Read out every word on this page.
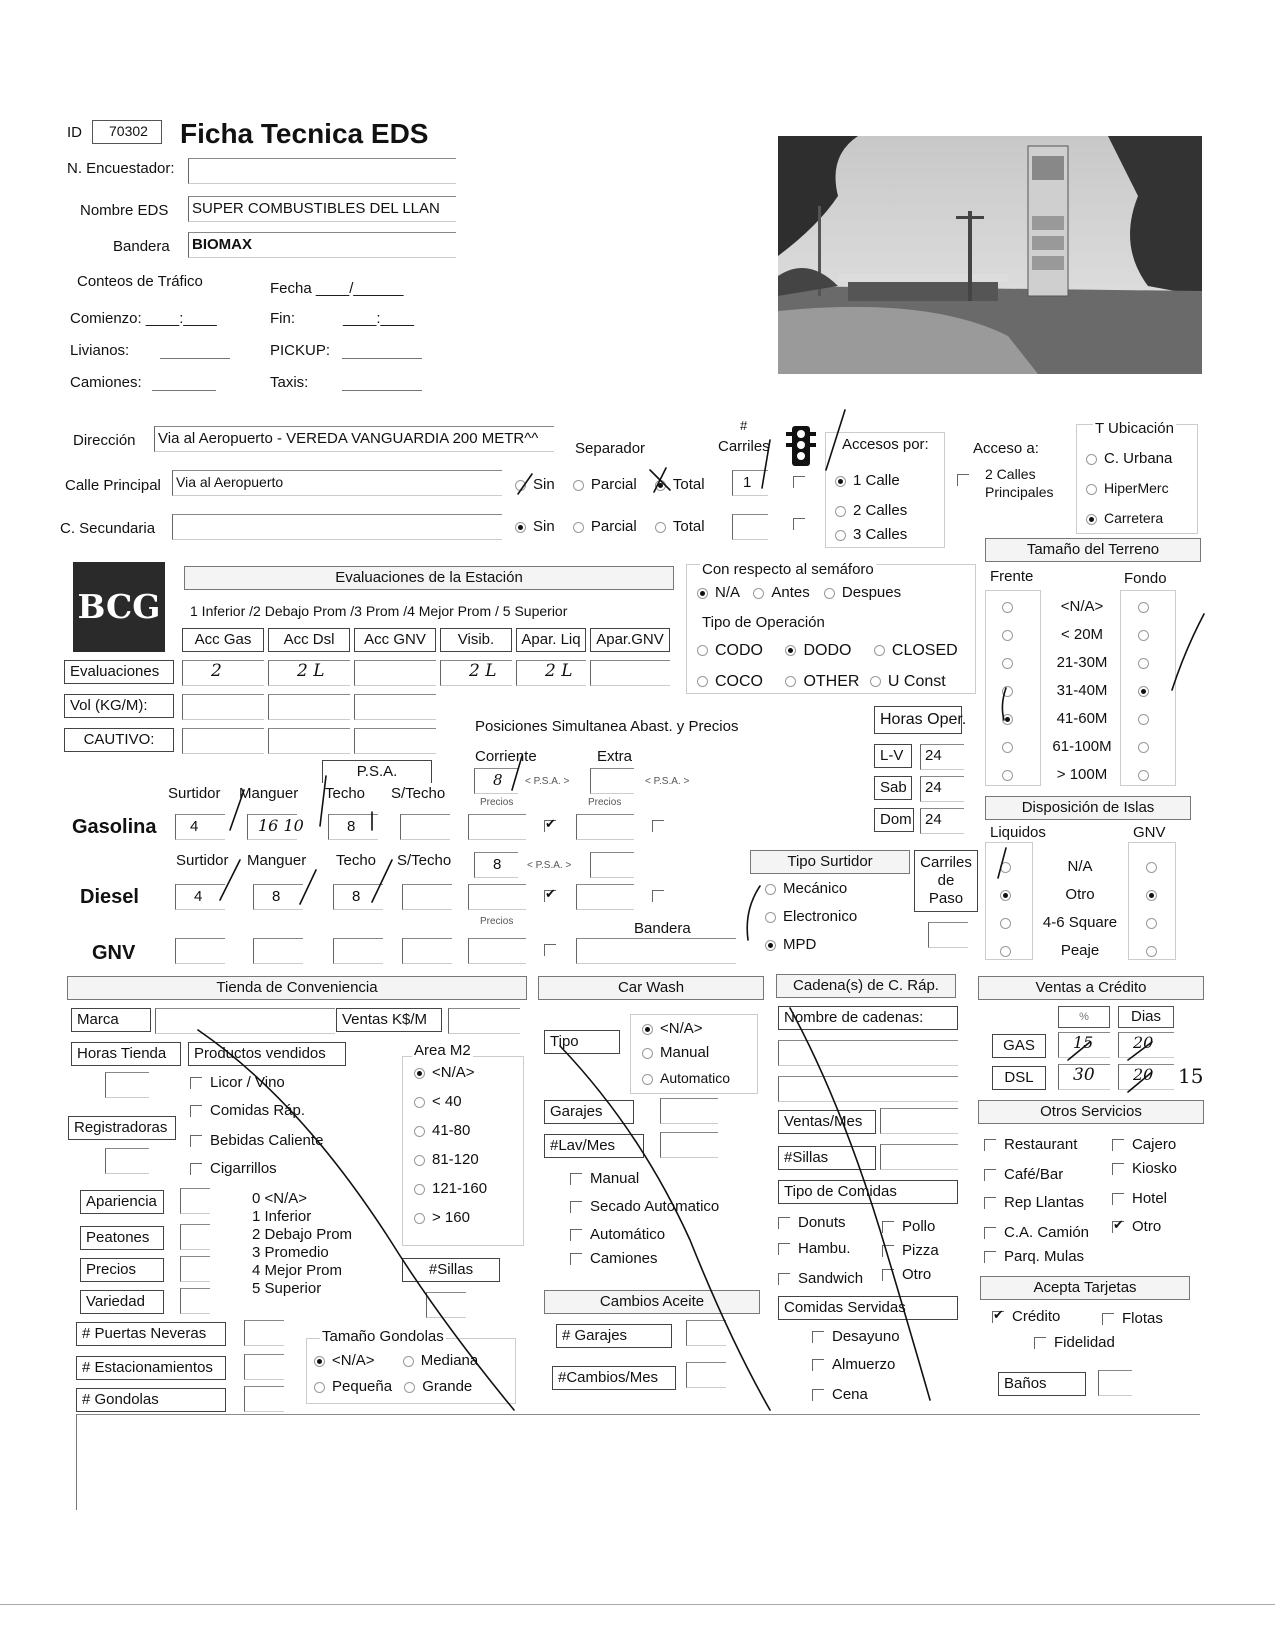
ID	70302	Ficha Tecnica EDS
N. Encuestador:
Nombre EDS SUPER COMBUSTIBLES DEL LLAN
Bandera BIOMAX
Conteos de Tráfico	Fecha ____/______
Comienzo: ____:____	Fin:	____:____
Livianos:	PICKUP:
Camiones:	Taxis:
Dirección Via al Aeropuerto - VEREDA VANGUARDIA 200 METR^^
Calle Principal Via al Aeropuerto
C. Secundaria
Separador
Sin Parcial Total
Sin Parcial Total
#
Carriles
1
Accesos por:
1 Calle
2 Calles
3 Calles
Acceso a:
2 Calles
Principales
T Ubicación
C. Urbana
HiperMerc
Carretera
BCG
Evaluaciones de la Estación
1 Inferior /2 Debajo Prom /3 Prom /4 Mejor Prom / 5 Superior
Acc Gas
2
Acc Dsl
2 L
Acc GNV	Visib.
2 L
Apar. Liq
2 L
Apar.GNV
Evaluaciones
Vol (KG/M):
CAUTIVO:
Con respecto al semáforo
N/A Antes Despues
Tipo de Operación
CODO	DODO	CLOSED
COCO	OTHER U Const
Tamaño del Terreno
Frente	Fondo
<N/A>
< 20M
21-30M
31-40M
41-60M
61-100M
> 100M
Posiciones Simultanea Abast. y Precios
P.S.A.
Corriente	Extra
8 < P.S.A. >	< P.S.A. >
Precios	Precios
Surtidor Manguer Techo S/Techo
Gasolina	4	16 10	8
✔
Surtidor Manguer Techo S/Techo	8	< P.S.A. >
Diesel	4	8	8
✔
Precios
GNV
Bandera
Horas Oper.
L-V	24
Sab	24
Dom 24
Tipo Surtidor
Mecánico
Electronico
MPD
Carriles
de
Paso
Disposición de Islas
Liquidos	GNV
N/A
Otro
4-6 Square
Peaje
Tienda de Conveniencia
Marca	Ventas K$/M
Horas Tienda	Productos vendidos
Licor / Vino
Comidas Ráp.
Bebidas Caliente
Cigarrillos
Registradoras
Area M2
<N/A>
< 40
41-80
81-120
121-160
> 160
Apariencia
Peatones
Precios
Variedad
0 <N/A>
1 Inferior
2 Debajo Prom
3 Promedio
4 Mejor Prom
5 Superior
#Sillas
# Puertas Neveras
# Estacionamientos
# Gondolas
Tamaño Gondolas
<N/A>	Mediana
Pequeña Grande
Car Wash
Tipo
<N/A>
Manual
Automatico
Garajes
#Lav/Mes
Manual
Secado Automatico
Automático
Camiones
Cambios Aceite
# Garajes
#Cambios/Mes
Cadena(s) de C. Ráp.
Nombre de cadenas:
Ventas/Mes
#Sillas
Tipo de Comidas
Donuts	Pollo
Hambu.	Pizza
Sandwich	Otro
Comidas Servidas
Desayuno
Almuerzo
Cena
Ventas a Crédito
%	Dias
GAS	15 20
DSL	30 20 15
Otros Servicios
Restaurant	Cajero
Café/Bar	Kiosko
Rep Llantas	Hotel
C.A. Camión
✔	Otro
Parq. Mulas
Acepta Tarjetas
✔Crédito	Flotas
Fidelidad
Baños
